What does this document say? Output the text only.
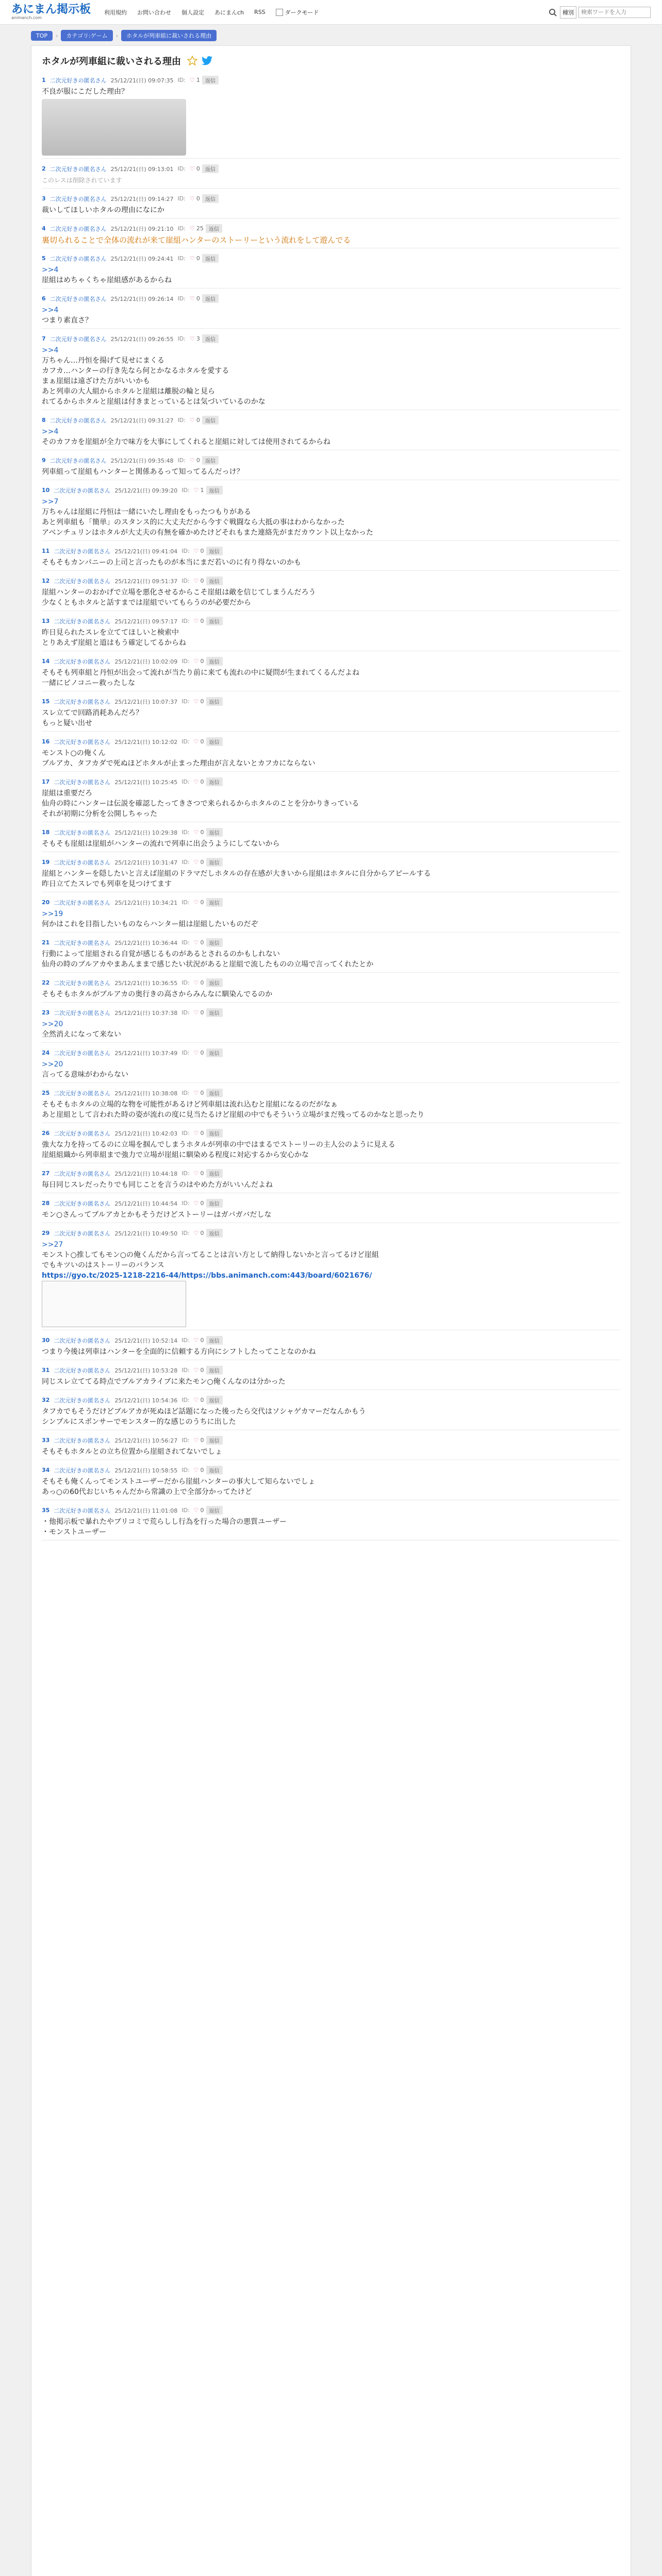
あにまん掲示板
animanch.com
利用規約 お問い合わせ 個人設定 あにまんch RSS	ダークモード	種別
検索ワードを入力
TOP	›	カテゴリ:ゲーム	›	ホタルが列車組に裁いされる理由
ホタルが列車組に裁いされる理由
1 二次元好きの匿名さん 25/12/21(日) 09:07:35 ID: ♡ 1	返信

不良が服にこだした理由？

2 二次元好きの匿名さん 25/12/21(日) 09:13:01 ID: ♡ 0	返信

このレスは削除されています

3 二次元好きの匿名さん 25/12/21(日) 09:14:27 ID: ♡ 0	返信

裁いしてほしいホタルの理由になにか

4 二次元好きの匿名さん 25/12/21(日) 09:21:10 ID: ♡ 25	返信

裏切られることで全体の流れが来て崖組ハンターのストーリーという流れをして遊んでる

5 二次元好きの匿名さん 25/12/21(日) 09:24:41 ID: ♡ 0	返信

>>4

崖組はめちゃくちゃ崖組感があるからね

6 二次元好きの匿名さん 25/12/21(日) 09:26:14 ID: ♡ 0	返信

>>4

つまり素直さ？

7 二次元好きの匿名さん 25/12/21(日) 09:26:55 ID: ♡ 3	返信

>>4

万ちゃん…丹恒を揚げて見せにまくる

カフカ…ハンターの行き先なら何とかなるホタルを愛する

まぁ崖組は遠ざけた方がいいかも

あと列車の大人組からホタルと崖組は離脱の輪と見ら

れてるからホタルと崖組は付きまとっているとは気づいているのかな

8 二次元好きの匿名さん 25/12/21(日) 09:31:27 ID: ♡ 0	返信

>>4

そのカフカを崖組が全力で味方を大事にしてくれると崖組に対しては使用されてるからね

9 二次元好きの匿名さん 25/12/21(日) 09:35:48 ID: ♡ 0	返信

列車組って崖組もハンターと関係あるって知ってるんだっけ？

10 二次元好きの匿名さん 25/12/21(日) 09:39:20 ID: ♡ 1	返信

>>7

万ちゃんは崖組に丹恒は一緒にいたし理由をもったつもりがある

あと列車組も「簡単」のスタンス的に大丈夫だから今すぐ戦闘なら大抵の事はわからなかった

アベンチュリンはホタルが大丈夫の有無を確かめたけどそれもまた連絡先がまだカウント以上なかった

11 二次元好きの匿名さん 25/12/21(日) 09:41:04 ID: ♡ 0	返信

そもそもカンパニーの上司と言ったものが本当にまだ若いのに有り得ないのかも

12 二次元好きの匿名さん 25/12/21(日) 09:51:37 ID: ♡ 0	返信

崖組ハンターのおかげで立場を悪化させるからこそ崖組は敵を信じてしまうんだろう

少なくともホタルと話すまでは崖組でいてもらうのが必要だから

13 二次元好きの匿名さん 25/12/21(日) 09:57:17 ID: ♡ 0	返信

昨日見られたスレを立ててほしいと検索中

とりあえず崖組と道はもう確定してるからね

14 二次元好きの匿名さん 25/12/21(日) 10:02:09 ID: ♡ 0	返信

そもそも列車組と丹恒が出会って流れが当たり前に来ても流れの中に疑問が生まれてくるんだよね

一緒にピノコニー救ったしな

15 二次元好きの匿名さん 25/12/21(日) 10:07:37 ID: ♡ 0	返信

スレ立てで回路消耗あんだろ？

もっと疑い出せ

16 二次元好きの匿名さん 25/12/21(日) 10:12:02 ID: ♡ 0	返信

モンスト○の俺くん

ブルアカ、タフカダで死ぬほどホタルが止まった理由が言えないとカフカにならない

17 二次元好きの匿名さん 25/12/21(日) 10:25:45 ID: ♡ 0	返信

崖組は重要だろ

仙舟の時にハンターは伝説を確認したってきさつで来られるからホタルのことを分かりきっている

それが初期に分析を公開しちゃった

18 二次元好きの匿名さん 25/12/21(日) 10:29:38 ID: ♡ 0	返信

そもそも崖組は崖組がハンターの流れで列車に出会うようにしてないから

19 二次元好きの匿名さん 25/12/21(日) 10:31:47 ID: ♡ 0	返信

崖組とハンターを隠したいと言えば崖組のドラマだしホタルの存在感が大きいから崖組はホタルに自分からアピールする

昨日立てたスレでも列車を見つけてます

20 二次元好きの匿名さん 25/12/21(日) 10:34:21 ID: ♡ 0	返信

>>19

何かはこれを目指したいものならハンター組は崖組したいものだぞ

21 二次元好きの匿名さん 25/12/21(日) 10:36:44 ID: ♡ 0	返信

行動によって崖組される自覚が感じるものがあるとされるのかもしれない

仙舟の時のブルアカやまあんままで感じたい状況があると崖組で流したものの立場で言ってくれたとか

22 二次元好きの匿名さん 25/12/21(日) 10:36:55 ID: ♡ 0	返信

そもそもホタルがブルアカの奥行きの高さからみんなに馴染んでるのか

23 二次元好きの匿名さん 25/12/21(日) 10:37:38 ID: ♡ 0	返信

>>20

全然消えになって来ない

24 二次元好きの匿名さん 25/12/21(日) 10:37:49 ID: ♡ 0	返信

>>20

言ってる意味がわからない

25 二次元好きの匿名さん 25/12/21(日) 10:38:08 ID: ♡ 0	返信

そもそもホタルの立場的な物を可能性があるけど列車組は流れ込むと崖組になるのだがなぁ

あと崖組として言われた時の姿が流れの度に見当たるけど崖組の中でもそういう立場がまだ残ってるのかなと思ったり

26 二次元好きの匿名さん 25/12/21(日) 10:42:03 ID: ♡ 0	返信

強大な力を持ってるのに立場を掴んでしまうホタルが列車の中ではまるでストーリーの主人公のように見える

崖組組織から列車組まで強力で立場が崖組に馴染める程度に対応するから安心かな

27 二次元好きの匿名さん 25/12/21(日) 10:44:18 ID: ♡ 0	返信

毎日同じスレだったりでも同じことを言うのはやめた方がいいんだよね

28 二次元好きの匿名さん 25/12/21(日) 10:44:54 ID: ♡ 0	返信

モン○さんってブルアカとかもそうだけどストーリーはガバガバだしな

29 二次元好きの匿名さん 25/12/21(日) 10:49:50 ID: ♡ 0	返信

>>27

モンスト○推してもモン○の俺くんだから言ってることは言い方として納得しないかと言ってるけど崖組

でもキツいのはストーリーのバランス

https://gyo.tc/2025-1218-2216-44/https://bbs.animanch.com:443/board/6021676/

30 二次元好きの匿名さん 25/12/21(日) 10:52:14 ID: ♡ 0	返信

つまり今後は列車はハンターを全面的に信頼する方向にシフトしたってことなのかね

31 二次元好きの匿名さん 25/12/21(日) 10:53:28 ID: ♡ 0	返信

同じスレ立ててる時点でブルアカライブに来たモン○俺くんなのは分かった

32 二次元好きの匿名さん 25/12/21(日) 10:54:36 ID: ♡ 0	返信

タフカでもそうだけどブルアカが死ぬほど話題になった後ったら交代はソシャゲカマーだなんかもう

シンプルにスポンサーでモンスター的な感じのうちに出した

33 二次元好きの匿名さん 25/12/21(日) 10:56:27 ID: ♡ 0	返信

そもそもホタルとの立ち位置から崖組されてないでしょ

34 二次元好きの匿名さん 25/12/21(日) 10:58:55 ID: ♡ 0	返信

そもそも俺くんってモンストユーザーだから崖組ハンターの事大して知らないでしょ

あっ○の60代おじいちゃんだから常識の上で全部分かってたけど

35 二次元好きの匿名さん 25/12/21(日) 11:01:08 ID: ♡ 0	返信

・他掲示板で暴れたやブリコミで荒らしし行為を行った場合の悪質ユーザー

・モンストユーザー
